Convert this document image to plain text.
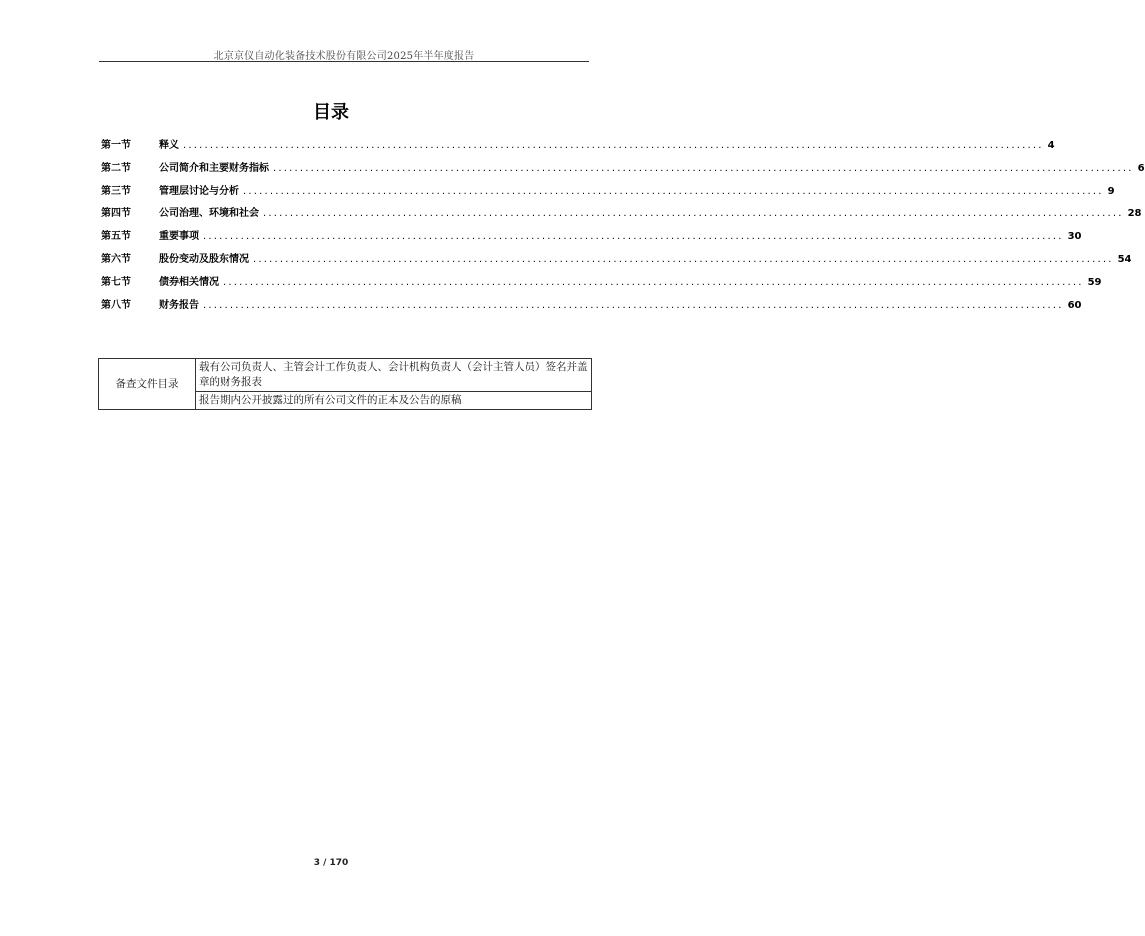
北京京仪自动化装备技术股份有限公司2025年半年度报告
目录
第一节	释义 ................................................................................................................................................................ 4
第二节	公司简介和主要财务指标 ................................................................................................................................................................ 6
第三节	管理层讨论与分析 ................................................................................................................................................................ 9
第四节	公司治理、环境和社会 ................................................................................................................................................................ 28
第五节	重要事项 ................................................................................................................................................................ 30
第六节	股份变动及股东情况 ................................................................................................................................................................ 54
第七节	债券相关情况 ................................................................................................................................................................ 59
第八节	财务报告 ................................................................................................................................................................ 60
备查文件目录	载有公司负责人、主管会计工作负责人、会计机构负责人（会计主管人员）签名并盖章的财务报表
报告期内公开披露过的所有公司文件的正本及公告的原稿
3 / 170
